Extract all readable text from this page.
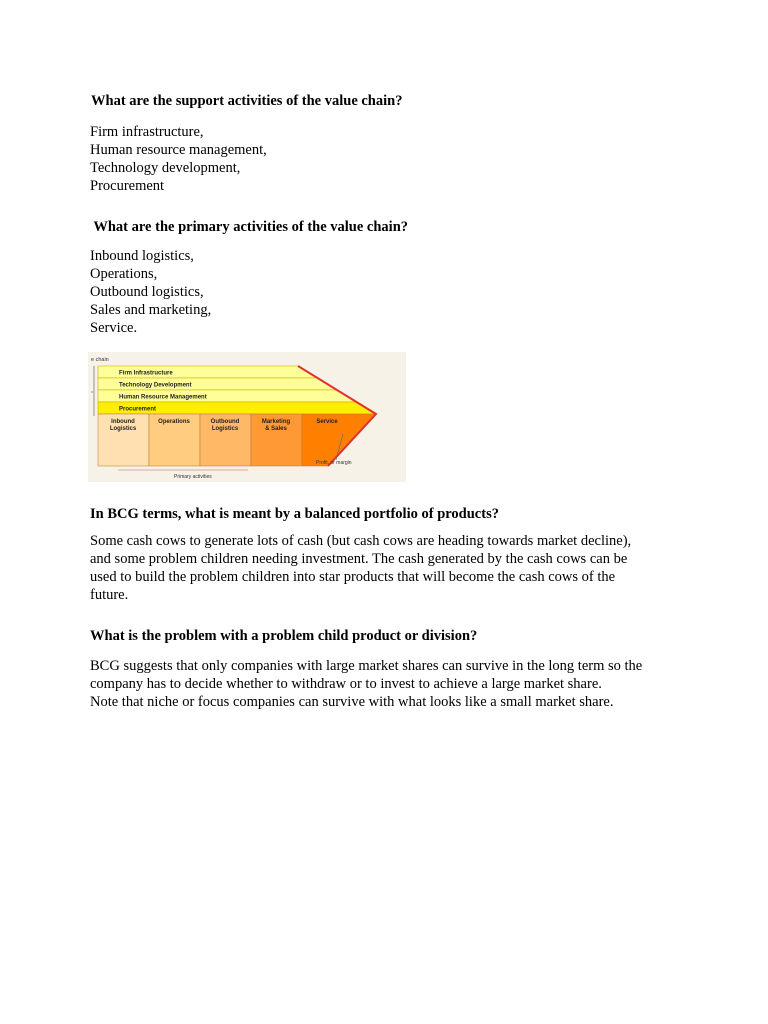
What are the support activities of the value chain?
Firm infrastructure,
Human resource management,
Technology development,
Procurement
What are the primary activities of the value chain?
Inbound logistics,
Operations,
Outbound logistics,
Sales and marketing,
Service.
e chain
Firm Infrastructure
Technology Development
Human Resource Management
Procurement
Inbound
Logistics
Operations	Outbound
Logistics
Marketing
& Sales
Service
Profit, or margin
Primary activities
In BCG terms, what is meant by a balanced portfolio of products?
Some cash cows to generate lots of cash (but cash cows are heading towards market decline),
and some problem children needing investment. The cash generated by the cash cows can be
used to build the problem children into star products that will become the cash cows of the
future.
What is the problem with a problem child product or division?
BCG suggests that only companies with large market shares can survive in the long term so the
company has to decide whether to withdraw or to invest to achieve a large market share.
Note that niche or focus companies can survive with what looks like a small market share.
